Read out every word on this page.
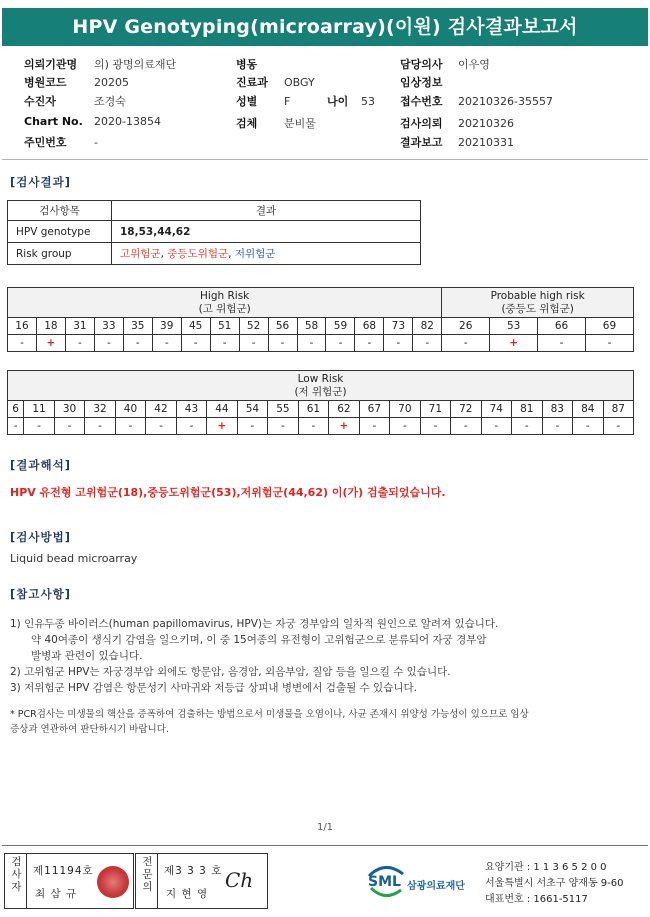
HPV Genotyping(microarray)(이원) 검사결과보고서
의뢰기관명 의) 광명의료재단
병원코드 20205
수진자	조경숙
Chart No. 2020-13854
주민번호 -
병동
진료과 OBGY
성별 F	나이 53
검체 분비물
담당의사 이우영
임상정보
접수번호 20210326-35557
검사의뢰 20210326
결과보고 20210331
[검사결과]
검사항목	결과
HPV genotype	18,53,44,62
Risk group	고위험군, 중등도위험군, 저위험군
High Risk
(고 위험군)															Probable high risk
(중등도 위험군)			
16	18	31	33	35	39	45	51	52	56	58	59	68	73	82	26	53	66	69
-	+	-	-	-	-	-	-	-	-	-	-	-	-	-	-	+	-	-
Low Risk
(저 위험군)																				
6	11	30	32	40	42	43	44	54	55	61	62	67	70	71	72	74	81	83	84	87
-	-	-	-	-	-	-	+	-	-	-	+	-	-	-	-	-	-	-	-	-
[결과해석]
HPV 유전형 고위험군(18),중등도위험군(53),저위험군(44,62) 이(가) 검출되었습니다.
[검사방법]
Liquid bead microarray
[참고사항]
1) 인유두종 바이러스(human papillomavirus, HPV)는 자궁 경부암의 일차적 원인으로 알려져 있습니다.
약 40여종이 생식기 감염을 일으키며, 이 중 15여종의 유전형이 고위험군으로 분류되어 자궁 경부암
발병과 관련이 있습니다.
2) 고위험군 HPV는 자궁경부암 외에도 항문암, 음경암, 외음부암, 질암 등을 일으킬 수 있습니다.
3) 저위험군 HPV 감염은 항문성기 사마귀와 저등급 상피내 병변에서 검출될 수 있습니다.
* PCR검사는 미생물의 핵산을 증폭하여 검출하는 방법으로서 미생물을 오염이나, 사균 존재시 위양성 가능성이 있으므로 임상
증상과 연관하여 판단하시기 바랍니다.
1/1
검사자	제11194호
최 삼 규
전문의	제3 3 3 호
지 현 영
Ch	SML 삼광의료재단
요양기관 : 1 1 3 6 5 2 0 0
서울특별시 서초구 양재동 9-60
대표번호 : 1661-5117
